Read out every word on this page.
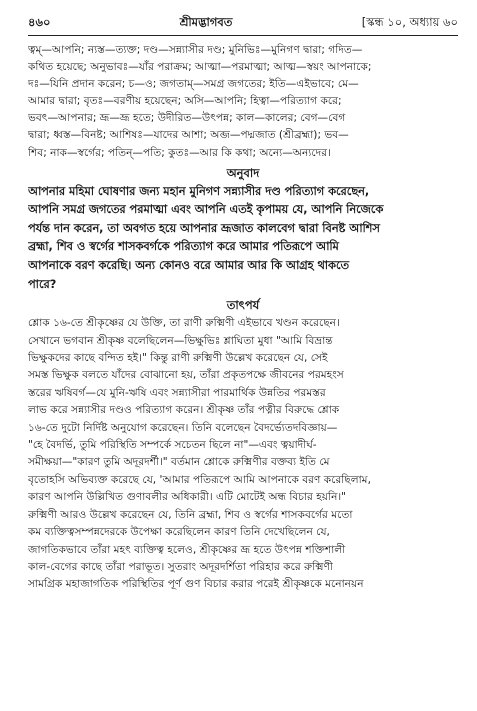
৪৬০	শ্রীমদ্ভাগবত	[স্কন্ধ ১০, অধ্যায় ৬০
ত্বম্—আপনি; ন্যস্ত—ত্যক্ত; দণ্ড—সন্ন্যাসীর দণ্ড; মুনিভিঃ—মুনিগণ দ্বারা; গদিত—
কথিত হয়েছে; অনুভাবঃ—যাঁর পরাক্রম; আত্মা—পরমাত্মা; আত্ম—স্বয়ং আপনাকে;
দঃ—যিনি প্রদান করেন; চ—ও; জগতাম্—সমগ্র জগতের; ইতি—এইভাবে; মে—
আমার দ্বারা; বৃতঃ—বরণীয় হয়েছেন; অসি—আপনি; হিত্বা—পরিত্যাগ করে;
ভবৎ—আপনার; ভ্রূ—ভ্রূ হতে; উদীরিত—উৎপন্ন; কাল—কালের; বেগ—বেগ
দ্বারা; ধ্বস্ত—বিনষ্ট; আশিষঃ—যাদের আশা; অব্জ—পদ্মজাত (শ্রীব্রহ্মা); ভব—
শিব; নাক—স্বর্গের; পতিন্—পতি; কুতঃ—আর কি কথা; অন্যে—অন্যদের।
অনুবাদ
আপনার মহিমা ঘোষণার জন্য মহান মুনিগণ সন্ন্যাসীর দণ্ড পরিত্যাগ করেছেন,
আপনি সমগ্র জগতের পরমাত্মা এবং আপনি এতই কৃপাময় যে, আপনি নিজেকে
পর্যন্ত দান করেন, তা অবগত হয়ে আপনার ভ্রূজাত কালবেগ দ্বারা বিনষ্ট আশিস
ব্রহ্মা, শিব ও স্বর্গের শাসকবর্গকে পরিত্যাগ করে আমার পতিরূপে আমি
আপনাকে বরণ করেছি। অন্য কোনও বরে আমার আর কি আগ্রহ থাকতে
পারে?
তাৎপর্য
শ্লোক ১৬-তে শ্রীকৃষ্ণের যে উক্তি, তা রাণী রুক্মিণী এইভাবে খণ্ডন করেছেন।
সেখানে ভগবান শ্রীকৃষ্ণ বলেছিলেন—ভিক্ষুভিঃ শ্লাঘিতা মুধা "আমি বিভ্রান্ত
ভিক্ষুকদের কাছে বন্দিত হই।" কিন্তু রাণী রুক্মিণী উল্লেখ করেছেন যে, সেই
সমস্ত ভিক্ষুক বলতে যাঁদের বোঝানো হয়, তাঁরা প্রকৃতপক্ষে জীবনের পরমহংস
স্তরের ঋষিবর্গ—যে মুনি-ঋষি এবং সন্ন্যাসীরা পারমার্থিক উন্নতির পরমস্তর
লাভ করে সন্ন্যাসীর দণ্ডও পরিত্যাগ করেন। শ্রীকৃষ্ণ তাঁর পত্নীর বিরুদ্ধে শ্লোক
১৬-তে দুটো নির্দিষ্ট অনুযোগ করেছেন। তিনি বলেছেন বৈদর্ভ্যেতদবিজ্ঞায়—
"হে বৈদর্ভি, তুমি পরিস্থিতি সম্পর্কে সচেতন ছিলে না"—এবং ত্বয়াদীর্ঘ-
সমীক্ষয়া—"কারণ তুমি অদূরদর্শী।" বর্তমান শ্লোকে রুক্মিণীর বক্তব্য ইতি মে
বৃতোহসি অভিব্যক্ত করেছে যে, 'আমার পতিরূপে আমি আপনাকে বরণ করেছিলাম,
কারণ আপনি উল্লিখিত গুণাবলীর অধিকারী। এটি মোটেই অন্ধ বিচার হয়নি।"
রুক্মিণী আরও উল্লেখ করেছেন যে, তিনি ব্রহ্মা, শিব ও স্বর্গের শাসকবর্গের মতো
কম ব্যক্তিত্বসম্পন্নদেরকে উপেক্ষা করেছিলেন কারণ তিনি দেখেছিলেন যে,
জাগতিকভাবে তাঁরা মহৎ ব্যক্তিত্ব হলেও, শ্রীকৃষ্ণের ভ্রূ হতে উৎপন্ন শক্তিশালী
কাল-বেগের কাছে তাঁরা পরাভূত। সুতরাং অদূরদর্শিতা পরিহার করে রুক্মিণী
সামগ্রিক মহাজাগতিক পরিস্থিতির পূর্ণ গুণ বিচার করার পরেই শ্রীকৃষ্ণকে মনোনয়ন
